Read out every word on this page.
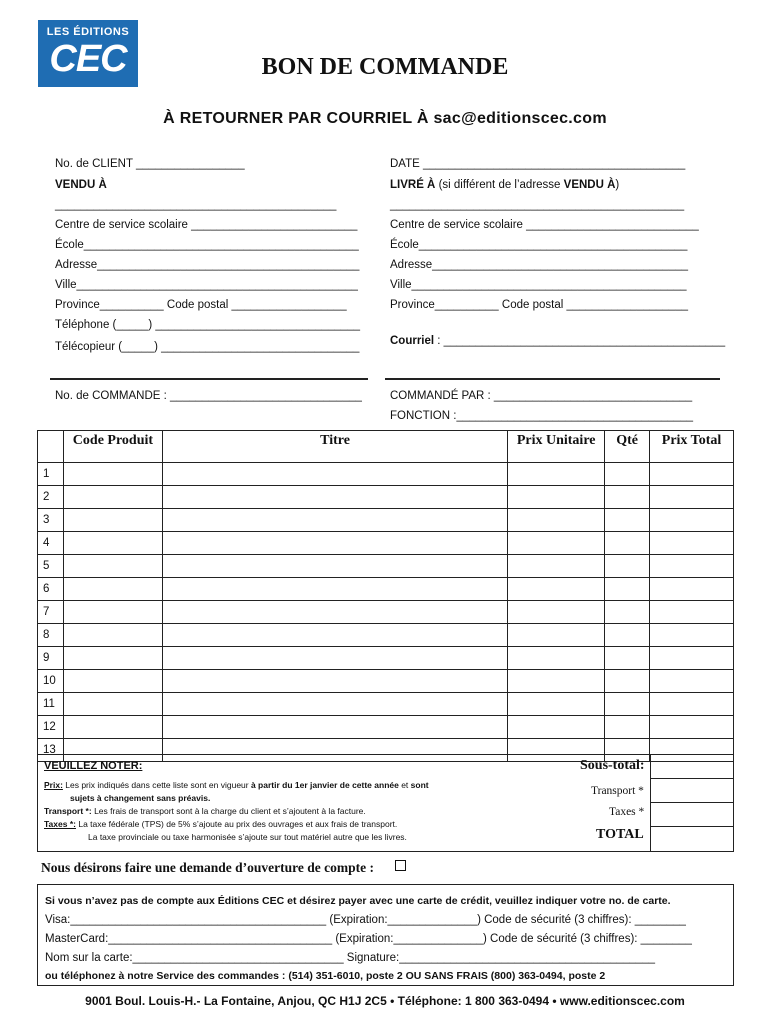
LES ÉDITIONS
CEC	BON DE COMMANDE
À RETOURNER PAR COURRIEL À sac@editionscec.com
No. de CLIENT _________________
VENDU À
____________________________________________
Centre de service scolaire __________________________
École___________________________________________
Adresse_________________________________________
Ville____________________________________________
Province__________ Code postal __________________
Téléphone (_____) ________________________________
Télécopieur (_____) _______________________________
DATE _________________________________________
LIVRÉ À (si différent de l’adresse VENDU À)
______________________________________________
Centre de service scolaire ___________________________
École__________________________________________
Adresse________________________________________
Ville___________________________________________
Province__________ Code postal ___________________
Courriel : ____________________________________________
No. de COMMANDE : ______________________________ COMMANDÉ PAR : _______________________________
FONCTION :_____________________________________
	Code Produit	Titre	Prix Unitaire	Qté	Prix Total
1					
2					
3					
4					
5					
6					
7					
8					
9					
10					
11					
12					
13					
VEUILLEZ NOTER:
Prix: Les prix indiqués dans cette liste sont en vigueur à partir du 1er janvier de cette année et sont
sujets à changement sans préavis.
Transport *: Les frais de transport sont à la charge du client et s’ajoutent à la facture.
Taxes *: La taxe fédérale (TPS) de 5% s’ajoute au prix des ouvrages et aux frais de transport.
La taxe provinciale ou taxe harmonisée s’ajoute sur tout matériel autre que les livres.
Sous-total:
Transport *
Taxes *
TOTAL
Nous désirons faire une demande d’ouverture de compte :
Si vous n’avez pas de compte aux Éditions CEC et désirez payer avec une carte de crédit, veuillez indiquer votre no. de carte.
Visa:________________________________________ (Expiration:______________) Code de sécurité (3 chiffres): ________
MasterCard:___________________________________ (Expiration:______________) Code de sécurité (3 chiffres): ________
Nom sur la carte:_________________________________ Signature:________________________________________
ou téléphonez à notre Service des commandes : (514) 351-6010, poste 2 OU SANS FRAIS (800) 363-0494, poste 2
9001 Boul. Louis-H.- La Fontaine, Anjou, QC H1J 2C5 • Téléphone: 1 800 363-0494 • www.editionscec.com
